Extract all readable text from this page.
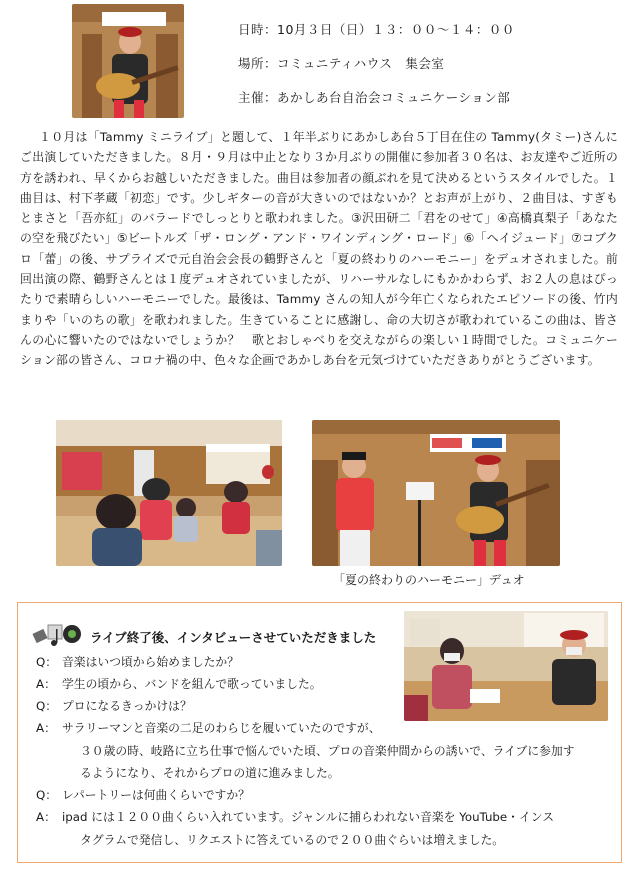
日時：10月３日（日）１３：００～１４：００
場所：コミュニティハウス　集会室
主催：あかしあ台自治会コミュニケーション部

１０月は「Tammy ミニライブ」と題して、１年半ぶりにあかしあ台５丁目在住の Tammy(タミー)さんにご出演していただきました。８月・９月は中止となり３か月ぶりの開催に参加者３０名は、お友達やご近所の方を誘われ、早くからお越しいただきました。曲目は参加者の顔ぶれを見て決めるというスタイルでした。１曲目は、村下孝蔵「初恋」です。少しギターの音が大きいのではないか？とお声が上がり、２曲目は、すぎもとまさと「吾亦紅」のバラードでしっとりと歌われました。③沢田研二「君をのせて」④高橋真梨子「あなたの空を飛びたい」⑤ビートルズ「ザ・ロング・アンド・ワインディング・ロード」⑥「ヘイジュード」⑦コブクロ「蕾」の後、サプライズで元自治会会長の鶴野さんと「夏の終わりのハーモニー」をデュオされました。前回出演の際、鶴野さんとは１度デュオされていましたが、リハーサルなしにもかかわらず、お２人の息はぴったりで素晴らしいハーモニーでした。最後は、Tammy さんの知人が今年亡くなられたエピソードの後、竹内まりや「いのちの歌」を歌われました。生きていることに感謝し、命の大切さが歌われているこの曲は、皆さんの心に響いたのではないでしょうか？　歌とおしゃべりを交えながらの楽しい１時間でした。コミュニケーション部の皆さん、コロナ禍の中、色々な企画であかしあ台を元気づけていただきありがとうございます。

「夏の終わりのハーモニー」デュオ
ライブ終了後、インタビューさせていただきました
Q： 音楽はいつ頃から始めましたか？
A： 学生の頃から、バンドを組んで歌っていました。
Q： プロになるきっかけは？
A： サラリーマンと音楽の二足のわらじを履いていたのですが、
３０歳の時、岐路に立ち仕事で悩んでいた頃、プロの音楽仲間からの誘いで、ライブに参加す
るようになり、それからプロの道に進みました。
Q： レパートリーは何曲くらいですか？
A： ipad には１２００曲くらい入れています。ジャンルに捕らわれない音楽を YouTube・インス
タグラムで発信し、リクエストに答えているので２００曲ぐらいは増えました。
